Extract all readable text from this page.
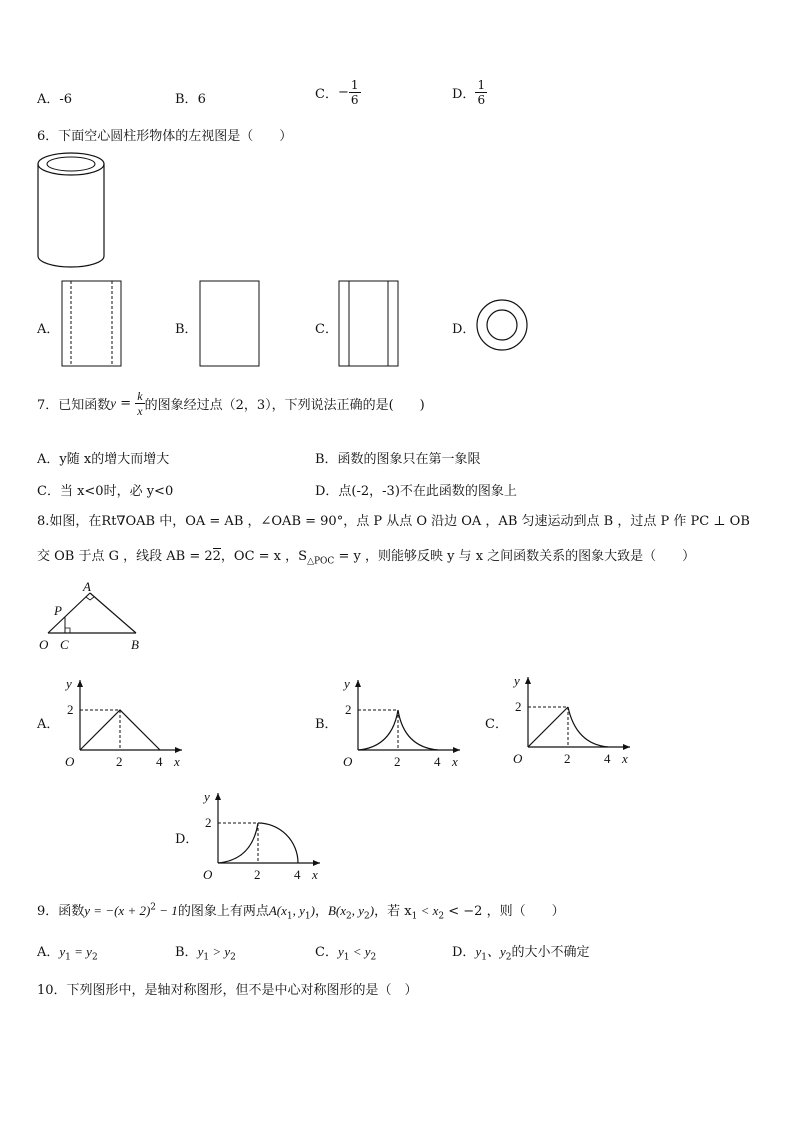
A．-6	B．6	C．− $\frac{1}{6}$	D． $\frac{1}{6}$
6．下面空心圆柱形物体的左视图是（　　）
A．	B．	C．	D．
7．已知函数$y = \frac{k}{x}$ 的图象经过点（2，3），下列说法正确的是(　　)
A．y随 x的增大而增大	B．函数的图象只在第一象限
C．当 x<0时，必 y<0	D．点(-2，-3)不在此函数的图象上
8.如图，在Rt∇OAB 中，OA = AB ，∠OAB = 90°，点 P 从点 O 沿边 OA ，AB 匀速运动到点 B ，过点 P 作 PC ⊥ OB
交 OB 于点 G ，线段 AB = 22，OC = x ，$S_{\triangle POC} = y$ ，则能够反映 y 与 x 之间函数关系的图象大致是（　　）
A
P
O C	B
A．
y
2
O	2	4 x
B．
y
2
O	2	4 x
C．
y
2
O	2	4 x
D．
y
2
O	2	4 x
9．函数$y = -(x + 2)^2 - 1$的图象上有两点$A(x_1$, $y_1$)，$B(x_2$, $y_2$)，若 $x_1 < x_2 < -2$ ，则（　　）
A．$y_1 = y_2$	B．$y_1 > y_2$	C．$y_1 < y_2$	D．$y_1$、$y_2$的大小不确定
10．下列图形中，是轴对称图形，但不是中心对称图形的是（　）
